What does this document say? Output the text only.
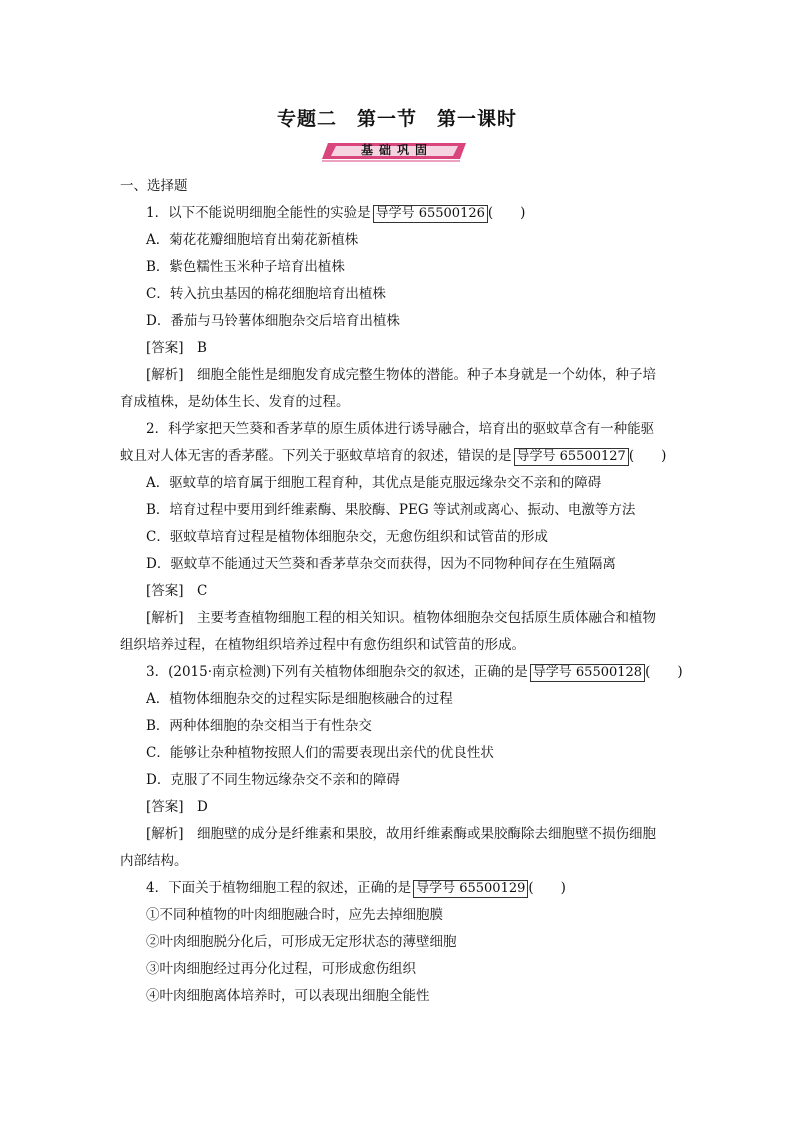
专题二　第一节　第一课时
基础巩固
一、选择题
1．以下不能说明细胞全能性的实验是 导学号 65500126 (　　)
A．菊花花瓣细胞培育出菊花新植株
B．紫色糯性玉米种子培育出植株
C．转入抗虫基因的棉花细胞培育出植株
D．番茄与马铃薯体细胞杂交后培育出植株
[答案]　 B
[解析]　 细胞全能性是细胞发育成完整生物体的潜能。种子本身就是一个幼体，种子培
育成植株，是幼体生长、发育的过程。
2．科学家把天竺葵和香茅草的原生质体进行诱导融合，培育出的驱蚊草含有一种能驱
蚊且对人体无害的香茅醛。下列关于驱蚊草培育的叙述，错误的是 导学号 65500127 (　　)
A．驱蚊草的培育属于细胞工程育种，其优点是能克服远缘杂交不亲和的障碍
B．培育过程中要用到纤维素酶、果胶酶、PEG 等试剂或离心、振动、电激等方法
C．驱蚊草培育过程是植物体细胞杂交，无愈伤组织和试管苗的形成
D．驱蚊草不能通过天竺葵和香茅草杂交而获得，因为不同物种间存在生殖隔离
[答案]　 C
[解析]　 主要考查植物细胞工程的相关知识。植物体细胞杂交包括原生质体融合和植物
组织培养过程，在植物组织培养过程中有愈伤组织和试管苗的形成。
3．(2015·南京检测)下列有关植物体细胞杂交的叙述，正确的是 导学号 65500128 (　　)
A．植物体细胞杂交的过程实际是细胞核融合的过程
B．两种体细胞的杂交相当于有性杂交
C．能够让杂种植物按照人们的需要表现出亲代的优良性状
D．克服了不同生物远缘杂交不亲和的障碍
[答案]　 D
[解析]　 细胞壁的成分是纤维素和果胶，故用纤维素酶或果胶酶除去细胞壁不损伤细胞
内部结构。
4．下面关于植物细胞工程的叙述，正确的是 导学号 65500129 (　　)
①不同种植物的叶肉细胞融合时，应先去掉细胞膜
②叶肉细胞脱分化后，可形成无定形状态的薄壁细胞
③叶肉细胞经过再分化过程，可形成愈伤组织
④叶肉细胞离体培养时，可以表现出细胞全能性
